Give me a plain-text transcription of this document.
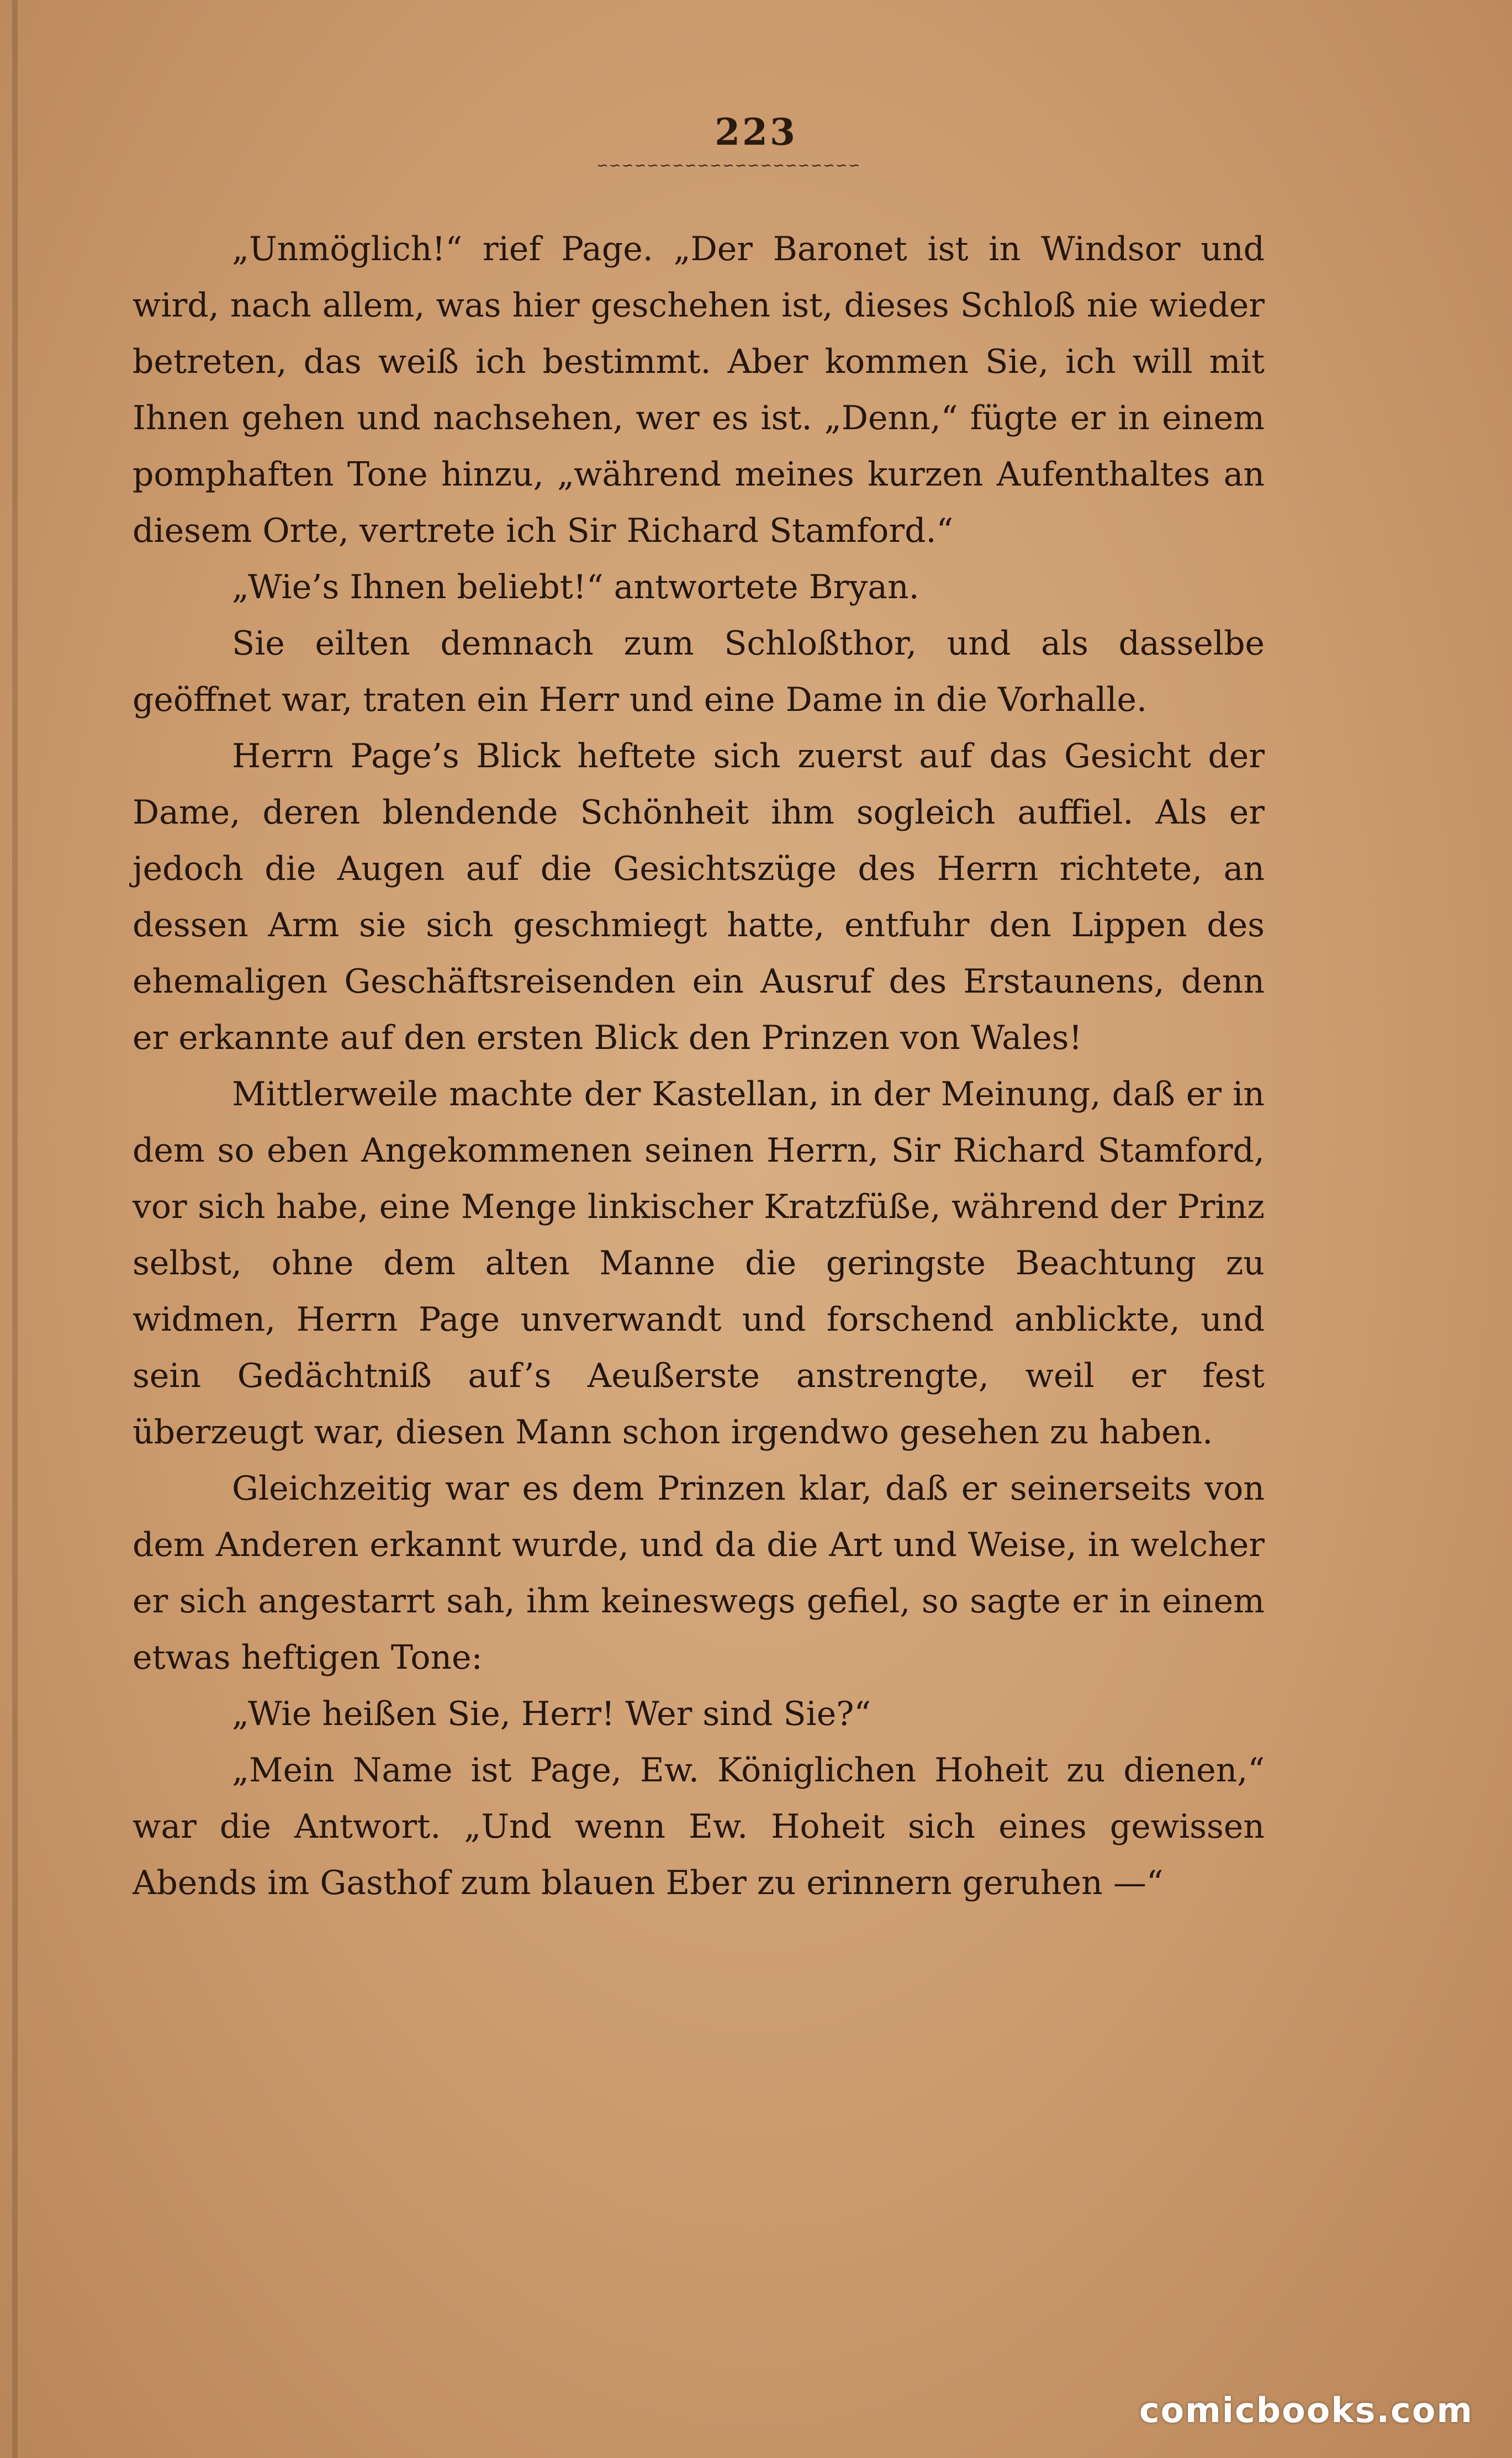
223
∽∽∽∽∽∽∽∽∽∽∽∽∽∽∽∽∽∽∽∽∽

„Unmöglich!“ rief Page. „Der Baronet ist in Windsor und wird, nach allem, was hier geschehen ist, dieses Schloß nie wieder betreten, das weiß ich bestimmt. Aber kommen Sie, ich will mit Ihnen gehen und nachsehen, wer es ist. „Denn,“ fügte er in einem pomphaften Tone hinzu, „während meines kurzen Aufenthaltes an diesem Orte, vertrete ich Sir Richard Stamford.“

„Wie’s Ihnen beliebt!“ antwortete Bryan.

Sie eilten demnach zum Schloßthor, und als dasselbe geöffnet war, traten ein Herr und eine Dame in die Vorhalle.

Herrn Page’s Blick heftete sich zuerst auf das Gesicht der Dame, deren blendende Schönheit ihm sogleich auffiel. Als er jedoch die Augen auf die Gesichtszüge des Herrn richtete, an dessen Arm sie sich geschmiegt hatte, entfuhr den Lippen des ehemaligen Geschäftsreisenden ein Ausruf des Erstaunens, denn er erkannte auf den ersten Blick den Prinzen von Wales!

Mittlerweile machte der Kastellan, in der Meinung, daß er in dem so eben Angekommenen seinen Herrn, Sir Richard Stamford, vor sich habe, eine Menge linkischer Kratzfüße, während der Prinz selbst, ohne dem alten Manne die geringste Beachtung zu widmen, Herrn Page unverwandt und forschend anblickte, und sein Gedächtniß auf’s Aeußerste anstrengte, weil er fest überzeugt war, diesen Mann schon irgendwo gesehen zu haben.

Gleichzeitig war es dem Prinzen klar, daß er seinerseits von dem Anderen erkannt wurde, und da die Art und Weise, in welcher er sich angestarrt sah, ihm keineswegs gefiel, so sagte er in einem etwas heftigen Tone:

„Wie heißen Sie, Herr! Wer sind Sie?“

„Mein Name ist Page, Ew. Königlichen Hoheit zu dienen,“ war die Antwort. „Und wenn Ew. Hoheit sich eines gewissen Abends im Gasthof zum blauen Eber zu erinnern geruhen —“

comicbooks.com
